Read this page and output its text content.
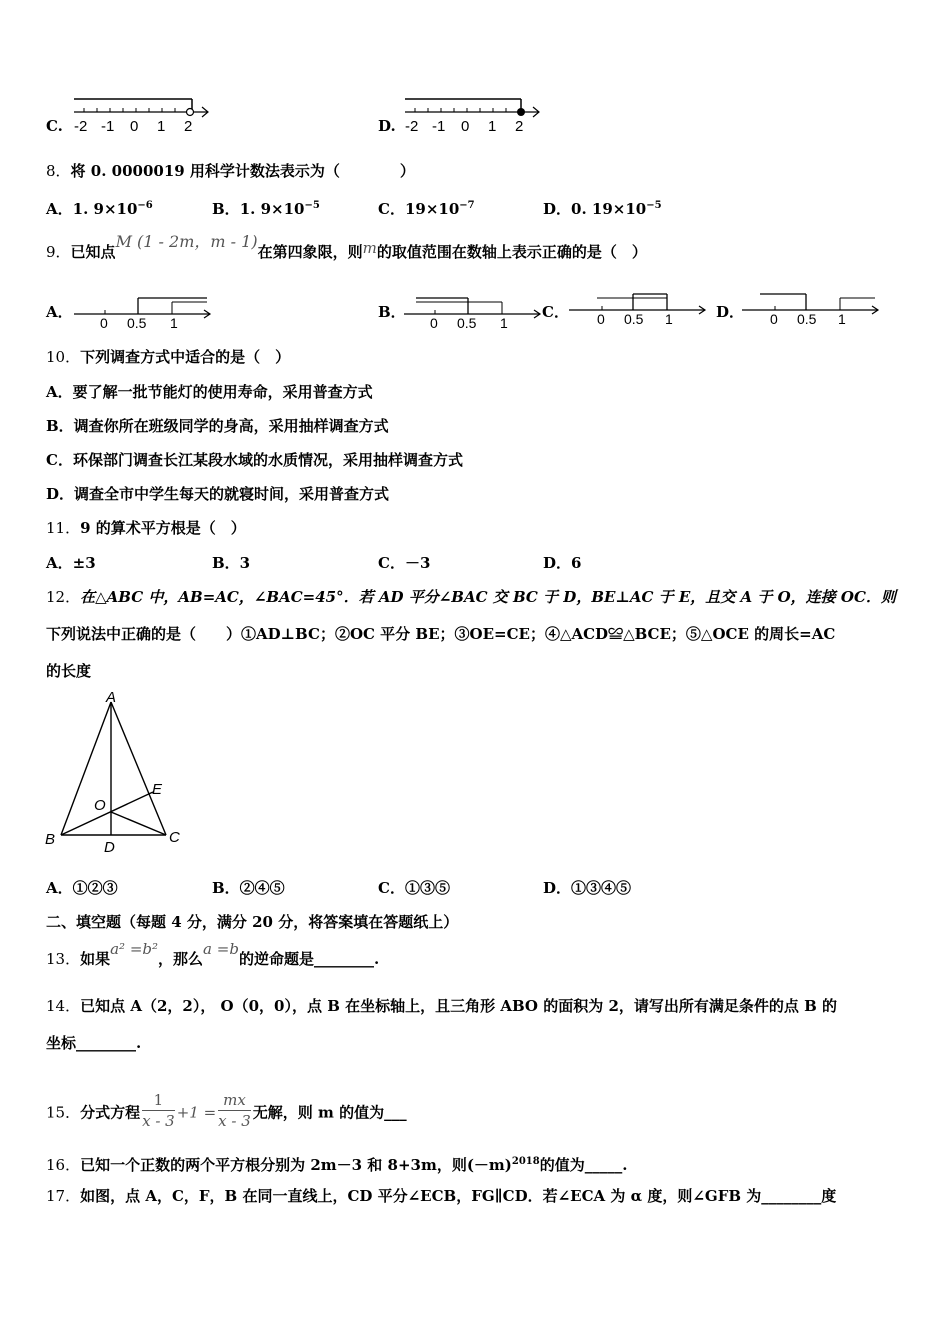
C. -2 -1 0 1 2	D. -2 -1 0 1 2
8．将 0. 0000019 用科学计数法表示为（　　　　）
A．1. $9\times 10^{-6}$	B．1. $9\times 10^{-5}$	C．$19\times 10^{-7}$	D．0. $19\times 10^{-5}$
9．已知点M (1 - 2m，m - 1)在第四象限，则m的取值范围在数轴上表示正确的是（　）
A．
0 0.5 1
B．
0 0.5 1
C． 0 0.5 1	D． 0 0.5 1
10．下列调查方式中适合的是（　）
A．要了解一批节能灯的使用寿命，采用普查方式
B．调查你所在班级同学的身高，采用抽样调查方式
C．环保部门调查长江某段水域的水质情况，采用抽样调查方式
D．调查全市中学生每天的就寝时间，采用普查方式
11．9 的算术平方根是（　）
A．±3	B．3	C．－3	D．6
12．在△ABC 中，AB=AC，∠BAC=45°．若 AD 平分∠BAC 交 BC 于 D，BE⊥AC 于 E，且交 A 于 O，连接 OC．则
下列说法中正确的是（　　）①AD⊥BC；②OC 平分 BE；③OE=CE；④△ACD≌△BCE；⑤△OCE 的周长=AC
的长度
A
B	C
D
E
O
A．①②③	B．②④⑤	C．①③⑤	D．①③④⑤
二、填空题（每题 4 分，满分 20 分，将答案填在答题纸上）
13．如果a² =b²，那么a =b的逆命题是________.
14．已知点 A（2，2）， O（0，0），点 B 在坐标轴上，且三角形 ABO 的面积为 2，请写出所有满足条件的点 B 的
坐标________.
15．分式方程 $\frac{1}{x - 3} +1 = \frac{mx}{x - 3}$ 无解，则 m 的值为___
16．已知一个正数的两个平方根分别为 2m－3 和 8+3m，则$(-m)^{2018}$的值为_____.
17．如图，点 A，C，F，B 在同一直线上，CD 平分∠ECB，FG∥CD．若∠ECA 为 α 度，则∠GFB 为________度
